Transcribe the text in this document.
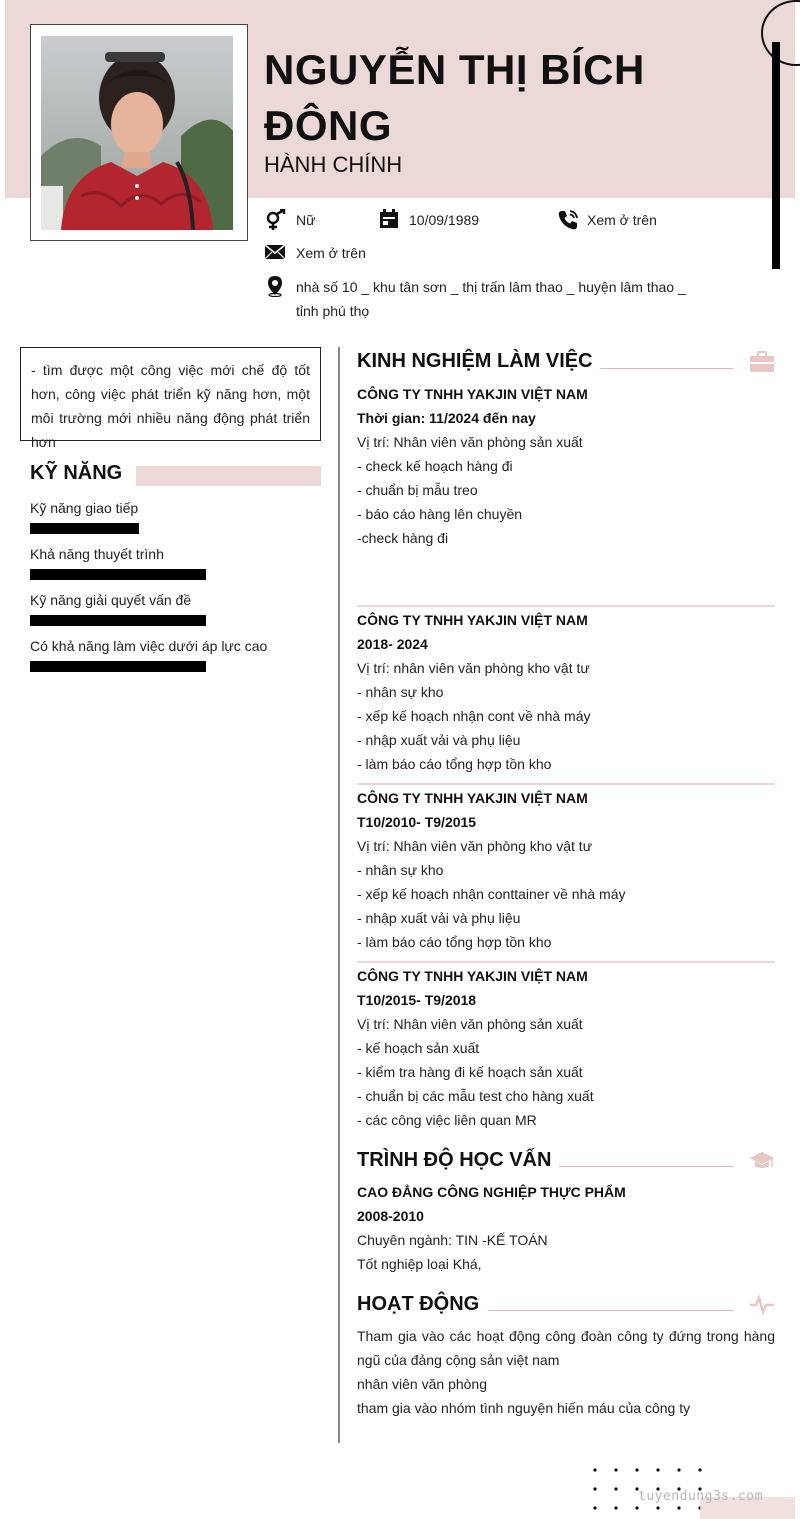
NGUYỄN THỊ BÍCH ĐÔNG
HÀNH CHÍNH
Nữ	10/09/1989	Xem ở trên
Xem ở trên
nhà số 10 _ khu tân sơn _ thị trấn lâm thao _ huyện lâm thao _ tỉnh phú thọ
- tìm được một công việc mới chế độ tốt hơn, công việc phát triển kỹ năng hơn, một môi trường mới nhiều năng động phát triển hơn
KỸ NĂNG
Kỹ năng giao tiếp
Khả năng thuyết trình
Kỹ năng giải quyết vấn đề
Có khả năng làm việc dưới áp lực cao
KINH NGHIỆM LÀM VIỆC
CÔNG TY TNHH YAKJIN VIỆT NAM
Thời gian: 11/2024 đến nay
Vị trí: Nhân viên văn phòng sản xuất
- check kế hoạch hàng đi
- chuẩn bị mẫu treo
- báo cáo hàng lên chuyền
-check hàng đi
CÔNG TY TNHH YAKJIN VIỆT NAM
2018- 2024
Vị trí: nhân viên văn phòng kho vật tư
- nhân sự kho
- xếp kế hoạch nhận cont về nhà máy
- nhập xuất vải và phụ liệu
- làm báo cáo tổng hợp tồn kho
CÔNG TY TNHH YAKJIN VIỆT NAM
T10/2010- T9/2015
Vị trí: Nhân viên văn phòng kho vật tư
- nhân sự kho
- xếp kế hoạch nhận conttainer về nhà máy
- nhập xuất vải và phụ liệu
- làm báo cáo tổng hợp tồn kho
CÔNG TY TNHH YAKJIN VIỆT NAM
T10/2015- T9/2018
Vị trí: Nhân viên văn phòng sản xuất
- kế hoạch sản xuất
- kiểm tra hàng đi kế hoạch sản xuất
- chuẩn bị các mẫu test cho hàng xuất
- các công việc liên quan MR
TRÌNH ĐỘ HỌC VẤN
CAO ĐẲNG CÔNG NGHIỆP THỰC PHẨM
2008-2010
Chuyên ngành: TIN -KẾ TOÁN
Tốt nghiệp loại Khá,
HOẠT ĐỘNG
Tham gia vào các hoạt động công đoàn công ty đứng trong hàng ngũ của đảng cộng sản việt nam
nhân viên văn phòng
tham gia vào nhóm tình nguyện hiến máu của công ty
tuyendung3s.com
